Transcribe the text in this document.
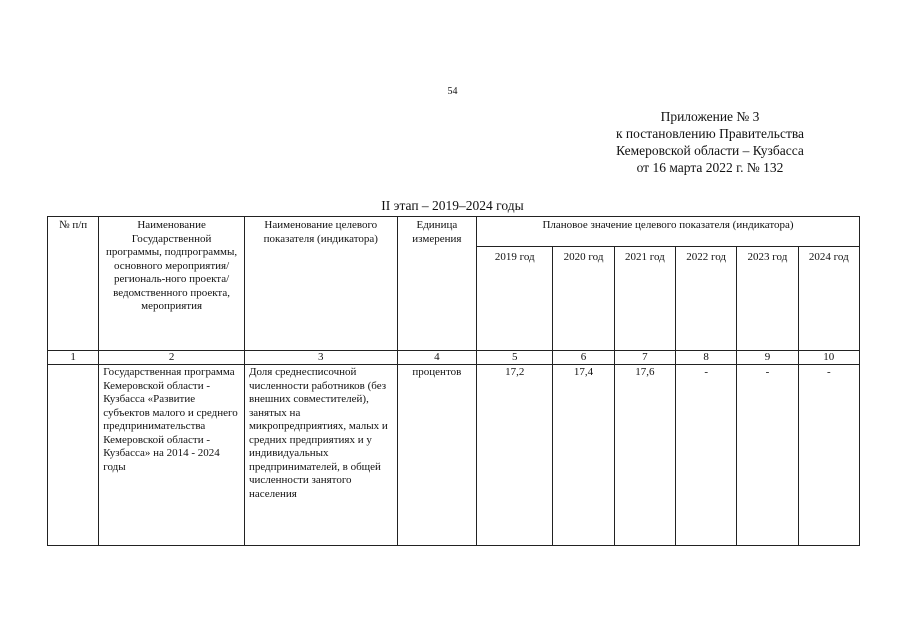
54
Приложение № 3
к постановлению Правительства
Кемеровской области – Кузбасса
от 16 марта 2022 г. № 132
II этап – 2019–2024 годы
№ п/п	Наименование Государственной программы, подпрограммы, основного мероприятия/региональ-ного проекта/ ведомственного проекта, мероприятия	Наименование целевого показателя (индикатора)	Единица измерения	Плановое значение целевого показателя (индикатора)					
				2019 год	2020 год	2021 год	2022 год	2023 год	2024 год
1	2	3	4	5	6	7	8	9	10
	Государственная программа Кемеровской области - Кузбасса «Развитие субъектов малого и среднего предпринимательства Кемеровской области - Кузбасса» на 2014 - 2024 годы	Доля среднесписочной численности работников (без внешних совместителей), занятых на микропредприятиях, малых и средних предприятиях и у индивидуальных предпринимателей, в общей численности занятого населения	процентов	17,2	17,4	17,6	-	-	-
